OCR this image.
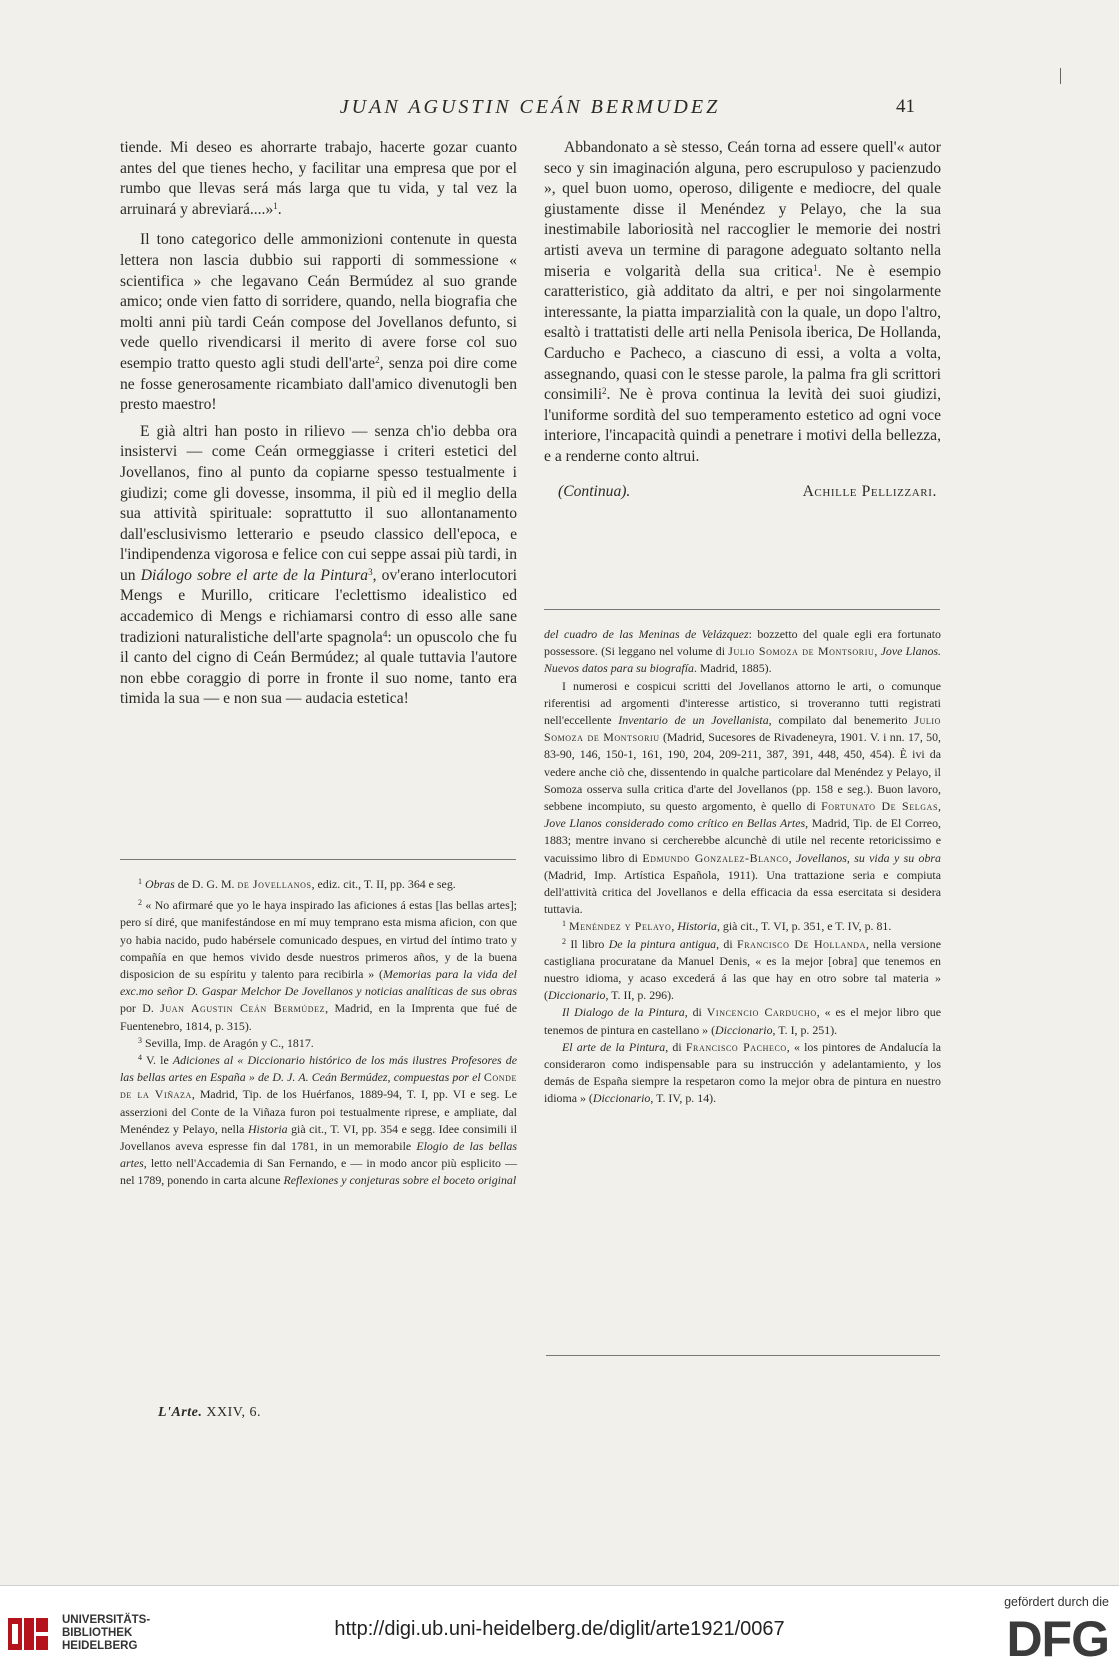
JUAN AGUSTIN CEÁN BERMUDEZ	41

tiende. Mi deseo es ahorrarte trabajo, hacerte gozar cuanto antes del que tienes hecho, y facilitar una empresa que por el rumbo que llevas será más larga que tu vida, y tal vez la arruinará y abreviará....»$^1$.

Il tono categorico delle ammonizioni contenute in questa lettera non lascia dubbio sui rapporti di sommessione « scientifica » che legavano Ceán Bermúdez al suo grande amico; onde vien fatto di sorridere, quando, nella biografia che molti anni più tardi Ceán compose del Jovellanos defunto, si vede quello rivendicarsi il merito di avere forse col suo esempio tratto questo agli studi dell'arte$^2$, senza poi dire come ne fosse generosamente ricambiato dall'amico divenutogli ben presto maestro!

E già altri han posto in rilievo — senza ch'io debba ora insistervi — come Ceán ormeggiasse i criteri estetici del Jovellanos, fino al punto da copiarne spesso testualmente i giudizi; come gli dovesse, insomma, il più ed il meglio della sua attività spirituale: soprattutto il suo allontanamento dall'esclusivismo letterario e pseudo classico dell'epoca, e l'indipendenza vigorosa e felice con cui seppe assai più tardi, in un Diálogo sobre el arte de la Pintura$^3$, ov'erano interlocutori Mengs e Murillo, criticare l'eclettismo idealistico ed accademico di Mengs e richiamarsi contro di esso alle sane tradizioni naturalistiche dell'arte spagnola$^4$: un opuscolo che fu il canto del cigno di Ceán Bermúdez; al quale tuttavia l'autore non ebbe coraggio di porre in fronte il suo nome, tanto era timida la sua — e non sua — audacia estetica!

$^1$ Obras de D. G. M. de Jovellanos, ediz. cit., T. II, pp. 364 e seg.

$^2$ « No afirmaré que yo le haya inspirado las aficiones á estas [las bellas artes]; pero sí diré, que manifestándose en mí muy temprano esta misma aficion, con que yo habia nacido, pudo habérsele comunicado despues, en virtud del íntimo trato y compañía en que hemos vivido desde nuestros primeros años, y de la buena disposicion de su espíritu y talento para recibirla » (Memorias para la vida del exc.mo señor D. Gaspar Melchor De Jovellanos y noticias analíticas de sus obras por D. Juan Agustin Ceán Bermúdez, Madrid, en la Imprenta que fué de Fuentenebro, 1814, p. 315).

$^3$ Sevilla, Imp. de Aragón y C., 1817.

$^4$ V. le Adiciones al « Diccionario histórico de los más ilustres Profesores de las bellas artes en España » de D. J. A. Ceán Bermúdez, compuestas por el Conde de la Viñaza, Madrid, Tip. de los Huérfanos, 1889-94, T. I, pp. VI e seg. Le asserzioni del Conte de la Viñaza furon poi testualmente riprese, e ampliate, dal Menéndez y Pelayo, nella Historia già cit., T. VI, pp. 354 e segg. Idee consimili il Jovellanos aveva espresse fin dal 1781, in un memorabile Elogio de las bellas artes, letto nell'Accademia di San Fernando, e — in modo ancor più esplicito — nel 1789, ponendo in carta alcune Reflexiones y conjeturas sobre el boceto original

Abbandonato a sè stesso, Ceán torna ad essere quell'« autor seco y sin imaginación alguna, pero escrupuloso y pacienzudo », quel buon uomo, operoso, diligente e mediocre, del quale giustamente disse il Menéndez y Pelayo, che la sua inestimabile laboriosità nel raccoglier le memorie dei nostri artisti aveva un termine di paragone adeguato soltanto nella miseria e volgarità della sua critica$^1$. Ne è esempio caratteristico, già additato da altri, e per noi singolarmente interessante, la piatta imparzialità con la quale, un dopo l'altro, esaltò i trattatisti delle arti nella Penisola iberica, De Hollanda, Carducho e Pacheco, a ciascuno di essi, a volta a volta, assegnando, quasi con le stesse parole, la palma fra gli scrittori consimili$^2$. Ne è prova continua la levità dei suoi giudizi, l'uniforme sordità del suo temperamento estetico ad ogni voce interiore, l'incapacità quindi a penetrare i motivi della bellezza, e a renderne conto altrui.

(Continua).	Achille Pellizzari.

del cuadro de las Meninas de Velázquez: bozzetto del quale egli era fortunato possessore. (Si leggano nel volume di Julio Somoza de Montsoriu, Jove Llanos. Nuevos datos para su biografía. Madrid, 1885).

I numerosi e cospicui scritti del Jovellanos attorno le arti, o comunque riferentisi ad argomenti d'interesse artistico, si troveranno tutti registrati nell'eccellente Inventario de un Jovellanista, compilato dal benemerito Julio Somoza de Montsoriu (Madrid, Sucesores de Rivadeneyra, 1901. V. i nn. 17, 50, 83-90, 146, 150-1, 161, 190, 204, 209-211, 387, 391, 448, 450, 454). È ivi da vedere anche ciò che, dissentendo in qualche particolare dal Menéndez y Pelayo, il Somoza osserva sulla critica d'arte del Jovellanos (pp. 158 e seg.). Buon lavoro, sebbene incompiuto, su questo argomento, è quello di Fortunato De Selgas, Jove Llanos considerado como crítico en Bellas Artes, Madrid, Tip. de El Correo, 1883; mentre invano si cercherebbe alcunchè di utile nel recente retoricissimo e vacuissimo libro di Edmundo Gonzalez-Blanco, Jovellanos, su vida y su obra (Madrid, Imp. Artística Española, 1911). Una trattazione seria e compiuta dell'attività critica del Jovellanos e della efficacia da essa esercitata si desidera tuttavia.

$^1$ Menéndez y Pelayo, Historia, già cit., T. VI, p. 351, e T. IV, p. 81.

$^2$ Il libro De la pintura antigua, di Francisco De Hollanda, nella versione castigliana procuratane da Manuel Denis, « es la mejor [obra] que tenemos en nuestro idioma, y acaso excederá á las que hay en otro sobre tal materia » (Diccionario, T. II, p. 296).

Il Dialogo de la Pintura, di Vincencio Carducho, « es el mejor libro que tenemos de pintura en castellano » (Diccionario, T. I, p. 251).

El arte de la Pintura, di Francisco Pacheco, « los pintores de Andalucía la consideraron como indispensable para su instrucción y adelantamiento, y los demás de España siempre la respetaron como la mejor obra de pintura en nuestro idioma » (Diccionario, T. IV, p. 14).

L'Arte. XXIV, 6.
UNIVERSITÄTS-
BIBLIOTHEK
HEIDELBERG
http://digi.ub.uni-heidelberg.de/diglit/arte1921/0067
gefördert durch die
DFG
